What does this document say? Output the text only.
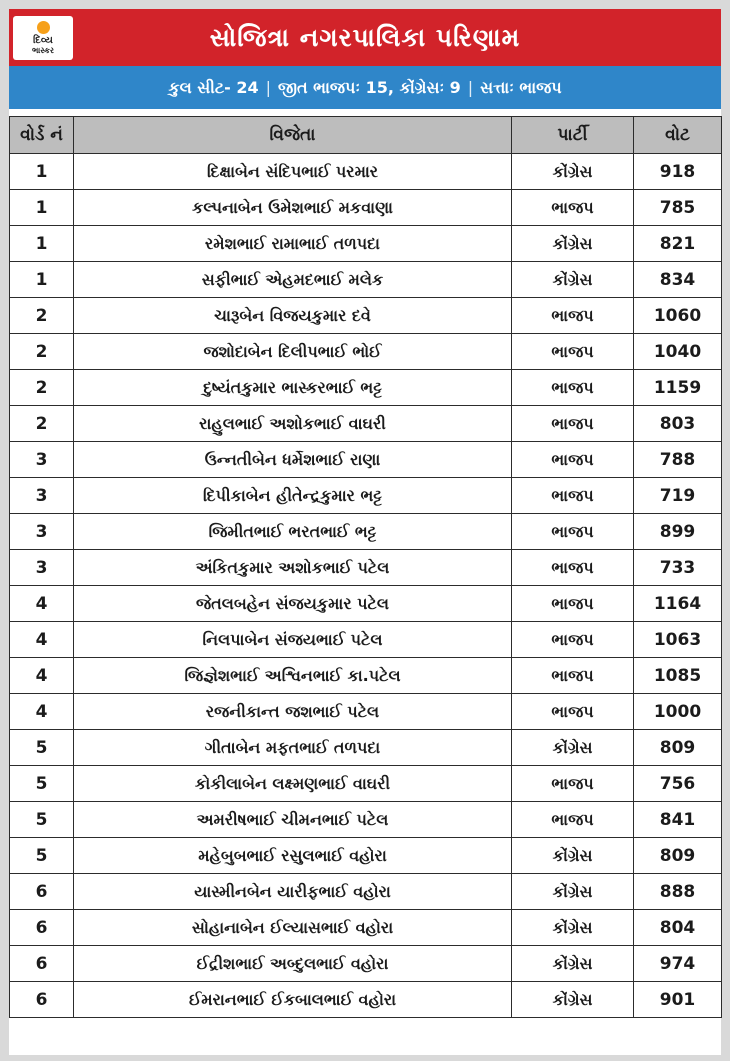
દિવ્ય
ભાસ્કર	સોજિત્રા નગરપાલિકા પરિણામ
કુલ સીટ- 24 | જીત ભાજપઃ 15, કોંગ્રેસઃ 9 | સત્તાઃ ભાજપ
વોર્ડ નં	વિજેતા	પાર્ટી	વોટ
1	દિક્ષાબેન સંદિપભાઈ પરમાર	કોંગ્રેસ	918
1	કલ્પનાબેન ઉમેશભાઈ મકવાણા	ભાજપ	785
1	રમેશભાઈ રામાભાઈ તળપદા	કોંગ્રેસ	821
1	સફીભાઈ એહમદભાઈ મલેક	કોંગ્રેસ	834
2	ચારૂબેન વિજયકુમાર દવે	ભાજપ	1060
2	જશોદાબેન દિલીપભાઈ ભોઈ	ભાજપ	1040
2	દુષ્યંતકુમાર ભાસ્કરભાઈ ભટ્ટ	ભાજપ	1159
2	રાહુલભાઈ અશોકભાઈ વાઘરી	ભાજપ	803
3	ઉન્નતીબેન ધર્મેશભાઈ રાણા	ભાજપ	788
3	દિપીકાબેન હીતેન્દ્રકુમાર ભટ્ટ	ભાજપ	719
3	જિમીતભાઈ ભરતભાઈ ભટ્ટ	ભાજપ	899
3	અંકિતકુમાર અશોકભાઈ પટેલ	ભાજપ	733
4	જેતલબહેન સંજયકુમાર પટેલ	ભાજપ	1164
4	નિલપાબેન સંજયભાઈ પટેલ	ભાજપ	1063
4	જિજ્ઞેશભાઈ અશ્વિનભાઈ કા.પટેલ	ભાજપ	1085
4	રજનીકાન્ત જશભાઈ પટેલ	ભાજપ	1000
5	ગીતાબેન મફતભાઈ તળપદા	કોંગ્રેસ	809
5	કોકીલાબેન લક્ષ્મણભાઈ વાઘરી	ભાજપ	756
5	અમરીષભાઈ ચીમનભાઈ પટેલ	ભાજપ	841
5	મહેબુબભાઈ રસુલભાઈ વહોરા	કોંગ્રેસ	809
6	યાસ્મીનબેન યારીફભાઈ વહોરા	કોંગ્રેસ	888
6	સોહાનાબેન ઈલ્યાસભાઈ વહોરા	કોંગ્રેસ	804
6	ઈદ્રીશભાઈ અબ્દુલભાઈ વહોરા	કોંગ્રેસ	974
6	ઈમરાનભાઈ ઈકબાલભાઈ વહોરા	કોંગ્રેસ	901
